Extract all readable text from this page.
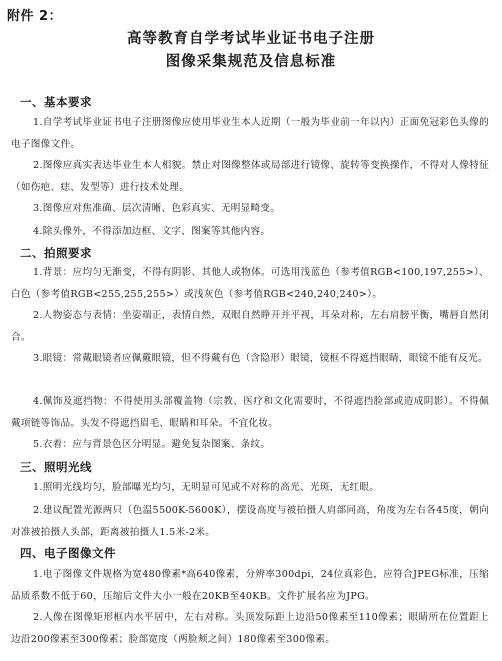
附件 2：
高等教育自学考试毕业证书电子注册
图像采集规范及信息标准
一、基本要求

1.自学考试毕业证书电子注册图像应使用毕业生本人近期（一般为毕业前一年以内）正面免冠彩色头像的电子图像文件。

2.图像应真实表达毕业生本人相貌。禁止对图像整体或局部进行镜像、旋转等变换操作，不得对人像特征（如伤疤、痣、发型等）进行技术处理。

3.图像应对焦准确、层次清晰、色彩真实、无明显畸变。

4.除头像外，不得添加边框、文字、图案等其他内容。

二、拍照要求

1.背景：应均匀无渐变，不得有阴影、其他人或物体。可选用浅蓝色（参考值RGB<100,197,255>）、白色（参考值RGB<255,255,255>）或浅灰色（参考值RGB<240,240,240>）。

2.人物姿态与表情：坐姿端正，表情自然，双眼自然睁开并平视，耳朵对称，左右肩膀平衡，嘴唇自然闭合。

3.眼镜：常戴眼镜者应佩戴眼镜，但不得戴有色（含隐形）眼镜，镜框不得遮挡眼睛，眼镜不能有反光。

4.佩饰及遮挡物：不得使用头部覆盖物（宗教、医疗和文化需要时，不得遮挡脸部或造成阴影）。不得佩戴项链等饰品。头发不得遮挡眉毛、眼睛和耳朵。不宜化妆。

5.衣着：应与背景色区分明显。避免复杂图案、条纹。

三、照明光线

1.照明光线均匀，脸部曝光均匀，无明显可见或不对称的高光、光斑，无红眼。

2.建议配置光源两只（色温5500K-5600K），摆设高度与被拍摄人肩部同高，角度为左右各45度，朝向对准被拍摄人头部，距离被拍摄人1.5米-2米。

四、电子图像文件

1.电子图像文件规格为宽480像素*高640像素，分辨率300dpi，24位真彩色，应符合JPEG标准，压缩品质系数不低于60，压缩后文件大小一般在20KB至40KB。文件扩展名应为JPG。

2.人像在图像矩形框内水平居中，左右对称。头顶发际距上边沿50像素至110像素；眼睛所在位置距上边沿200像素至300像素；脸部宽度（两脸颊之间）180像素至300像素。
